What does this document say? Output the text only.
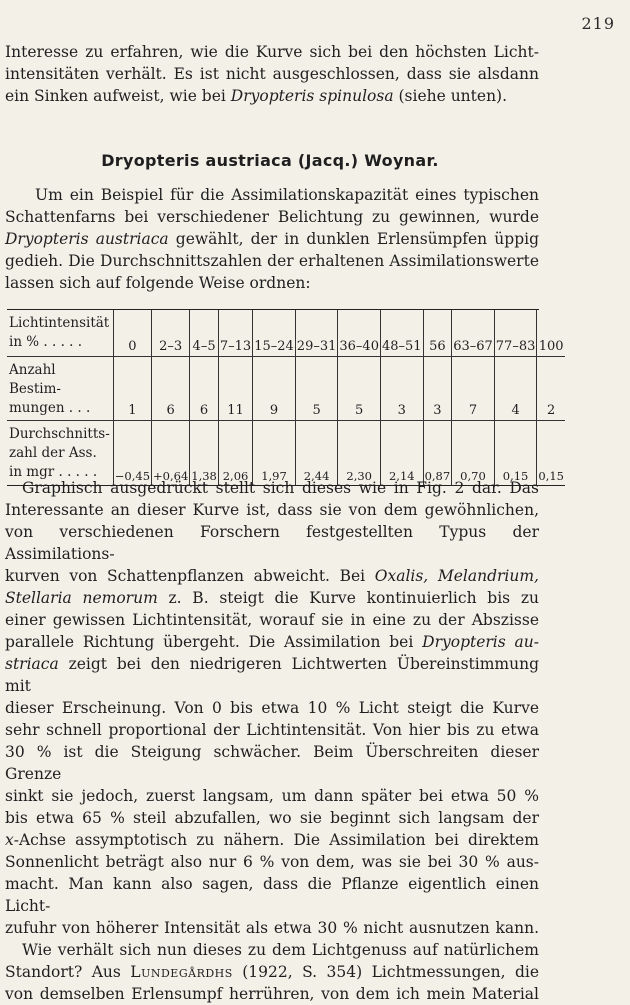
219

Interesse zu erfahren, wie die Kurve sich bei den höchsten Licht-
intensitäten verhält. Es ist nicht ausgeschlossen, dass sie alsdann
ein Sinken aufweist, wie bei Dryopteris spinulosa (siehe unten).

Dryopteris austriaca (Jacq.) Woynar.

Um ein Beispiel für die Assimilationskapazität eines typischen
Schattenfarns bei verschiedener Belichtung zu gewinnen, wurde
Dryopteris austriaca gewählt, der in dunklen Erlensümpfen üppig
gedieh. Die Durchschnittszahlen der erhaltenen Assimilationswerte
lassen sich auf folgende Weise ordnen:

Lichtintensität in % . . . . .	0	2–3	4–5	7–13	15–24	29–31	36–40	48–51	56	63–67	77–83	100
Anzahl Bestim-mungen . . .	1	6	6	11	9	5	5	3	3	7	4	2
Durchschnitts-zahl der Ass. in mgr . . . . .	−0,45	+0,64	1,38	2,06	1,97	2,44	2,30	2,14	0,87	0,70	0,15	0,15

Graphisch ausgedrückt stellt sich dieses wie in Fig. 2 dar. Das
Interessante an dieser Kurve ist, dass sie von dem gewöhnlichen,
von verschiedenen Forschern festgestellten Typus der Assimilations-
kurven von Schattenpflanzen abweicht. Bei Oxalis, Melandrium,
Stellaria nemorum z. B. steigt die Kurve kontinuierlich bis zu
einer gewissen Lichtintensität, worauf sie in eine zu der Abszisse
parallele Richtung übergeht. Die Assimilation bei Dryopteris au-
striaca zeigt bei den niedrigeren Lichtwerten Übereinstimmung mit
dieser Erscheinung. Von 0 bis etwa 10 % Licht steigt die Kurve
sehr schnell proportional der Lichtintensität. Von hier bis zu etwa
30 % ist die Steigung schwächer. Beim Überschreiten dieser Grenze
sinkt sie jedoch, zuerst langsam, um dann später bei etwa 50 %
bis etwa 65 % steil abzufallen, wo sie beginnt sich langsam der
x-Achse assymptotisch zu nähern. Die Assimilation bei direktem
Sonnenlicht beträgt also nur 6 % von dem, was sie bei 30 % aus-
macht. Man kann also sagen, dass die Pflanze eigentlich einen Licht-
zufuhr von höherer Intensität als etwa 30 % nicht ausnutzen kann.
Wie verhält sich nun dieses zu dem Lichtgenuss auf natürlichem
Standort? Aus Lundegårdhs (1922, S. 354) Lichtmessungen, die
von demselben Erlensumpf herrühren, von dem ich mein Material
